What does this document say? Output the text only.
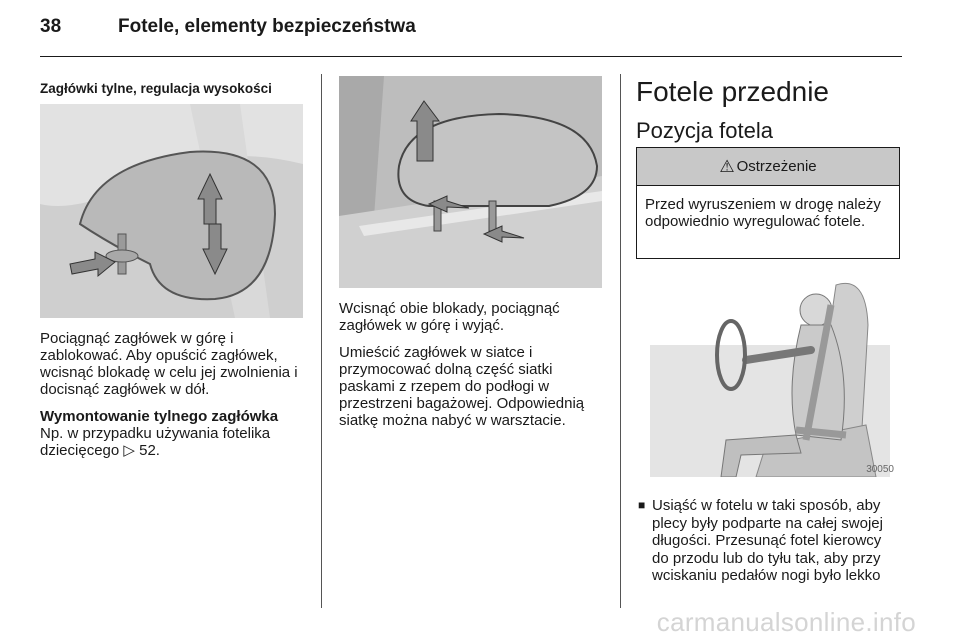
38	Fotele, elementy bezpieczeństwa
Zagłówki tylne, regulacja wysokości
Pociągnąć zagłówek w górę i zablokować. Aby opuścić zagłówek, wcisnąć blokadę w celu jej zwolnienia i docisnąć zagłówek w dół.
Wymontowanie tylnego zagłówka
Np. w przypadku używania fotelika dziecięcego ▷ 52.
Wcisnąć obie blokady, pociągnąć zagłówek w górę i wyjąć.
Umieścić zagłówek w siatce i przymocować dolną część siatki paskami z rzepem do podłogi w przestrzeni bagażowej. Odpowiednią siatkę można nabyć w warsztacie.
Fotele przednie
Pozycja fotela
⚠ Ostrzeżenie
Przed wyruszeniem w drogę należy odpowiednio wyregulować fotele.
30050
■ Usiąść w fotelu w taki sposób, aby plecy były podparte na całej swojej długości. Przesunąć fotel kierowcy do przodu lub do tyłu tak, aby przy wciskaniu pedałów nogi było lekko
carmanualsonline.info
